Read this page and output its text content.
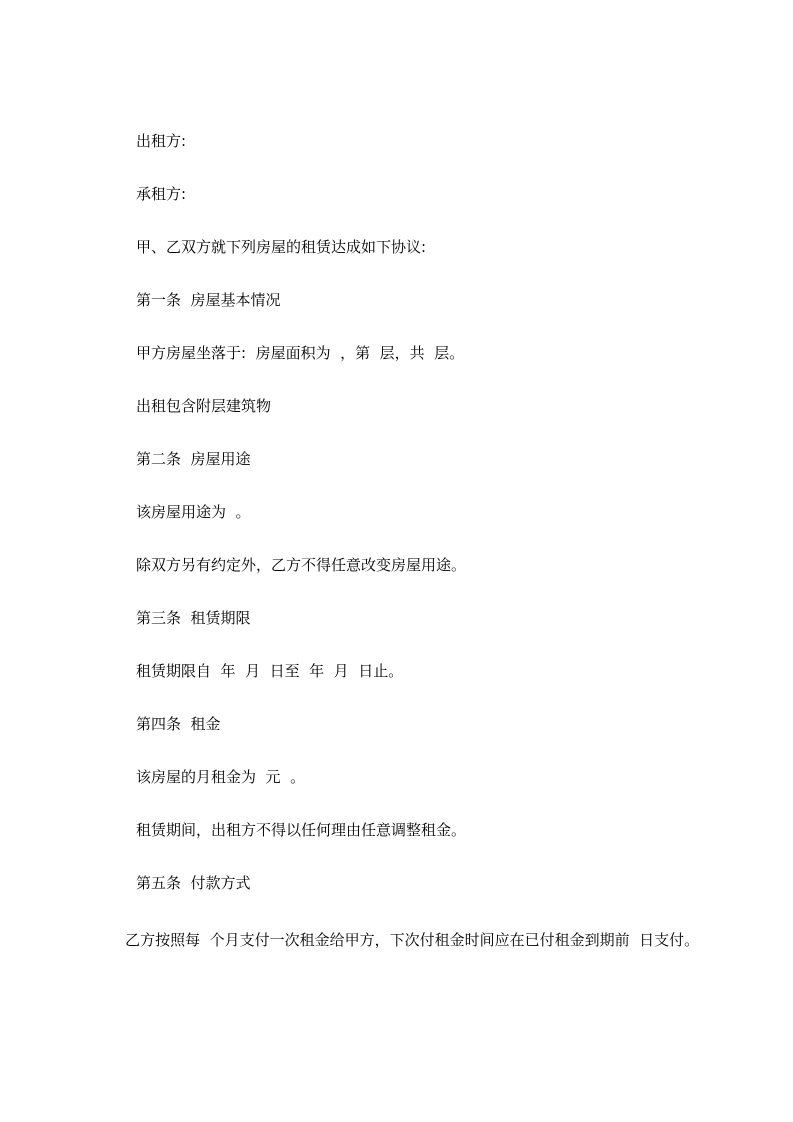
出租方:
承租方:
甲、乙双方就下列房屋的租赁达成如下协议:
第一条  房屋基本情况
甲方房屋坐落于:  房屋面积为  ，第  层，共  层。
出租包含附层建筑物
第二条  房屋用途
该房屋用途为  。
除双方另有约定外，乙方不得任意改变房屋用途。
第三条  租赁期限
租赁期限自  年  月  日至  年  月  日止。
第四条  租金
该房屋的月租金为  元  。
租赁期间，出租方不得以任何理由任意调整租金。
第五条  付款方式
乙方按照每  个月支付一次租金给甲方，下次付租金时间应在已付租金到期前  日支付。
